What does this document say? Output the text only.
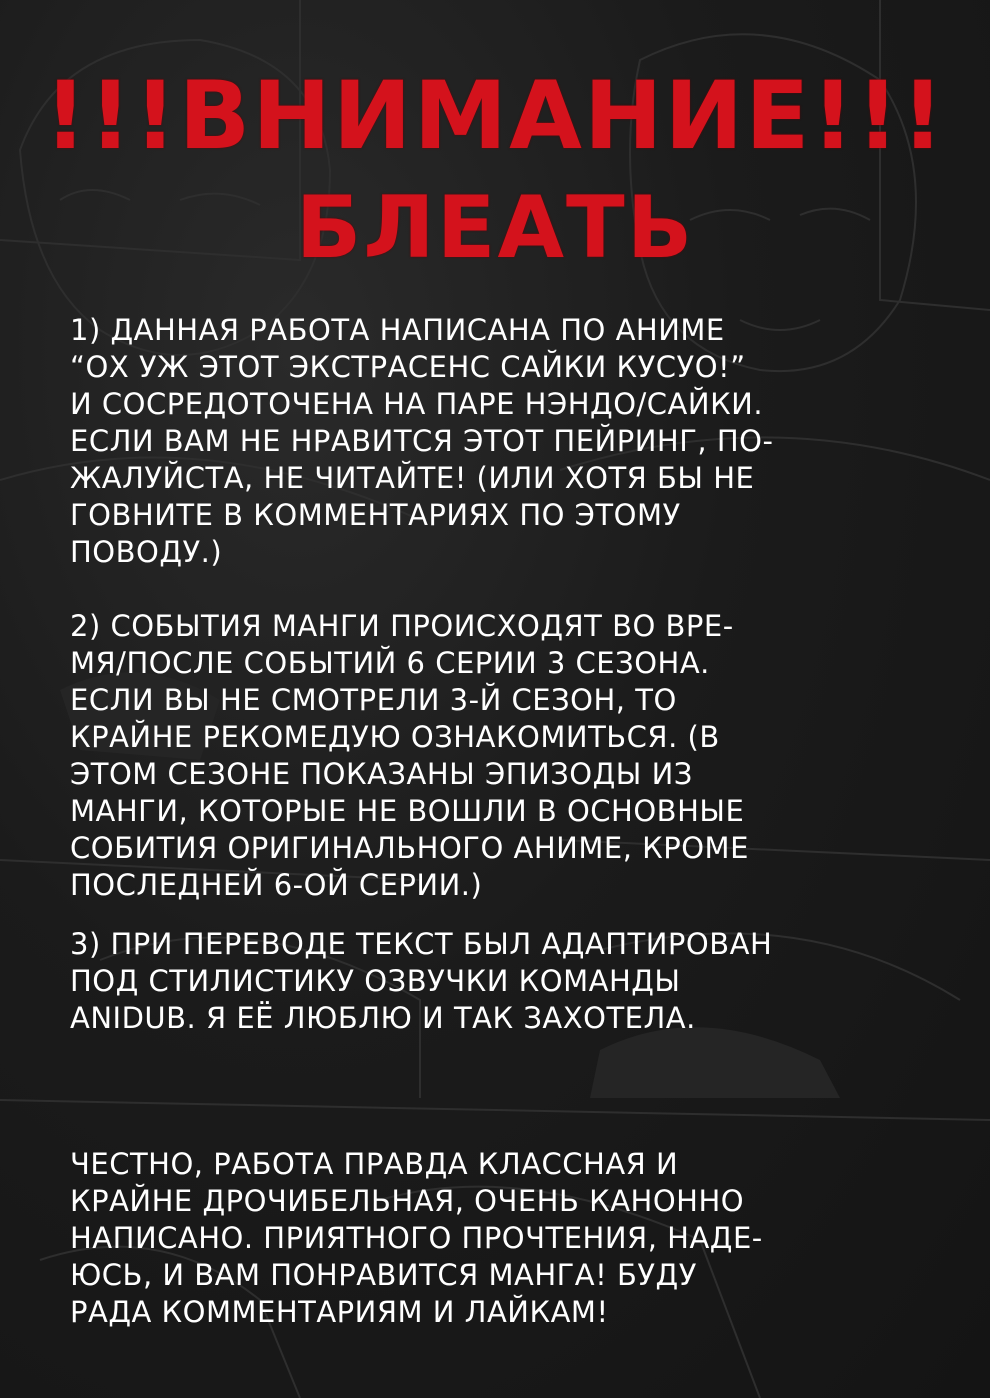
!!!ВНИМАНИЕ!!!
БЛЕАТЬ
1) ДАННАЯ РАБОТА НАПИСАНА ПО АНИМЕ
“ОХ УЖ ЭТОТ ЭКСТРАСЕНС САЙКИ КУСУО!”
И СОСРЕДОТОЧЕНА НА ПАРЕ НЭНДО/САЙКИ.
ЕСЛИ ВАМ НЕ НРАВИТСЯ ЭТОТ ПЕЙРИНГ, ПО-
ЖАЛУЙСТА, НЕ ЧИТАЙТЕ! (ИЛИ ХОТЯ БЫ НЕ
ГОВНИТЕ В КОММЕНТАРИЯХ ПО ЭТОМУ
ПОВОДУ.)
2) СОБЫТИЯ МАНГИ ПРОИСХОДЯТ ВО ВРЕ-
МЯ/ПОСЛЕ СОБЫТИЙ 6 СЕРИИ 3 СЕЗОНА.
ЕСЛИ ВЫ НЕ СМОТРЕЛИ 3-Й СЕЗОН, ТО
КРАЙНЕ РЕКОМЕДУЮ ОЗНАКОМИТЬСЯ. (В
ЭТОМ СЕЗОНЕ ПОКАЗАНЫ ЭПИЗОДЫ ИЗ
МАНГИ, КОТОРЫЕ НЕ ВОШЛИ В ОСНОВНЫЕ
СОБИТИЯ ОРИГИНАЛЬНОГО АНИМЕ, КРОМЕ
ПОСЛЕДНЕЙ 6-ОЙ СЕРИИ.)
3) ПРИ ПЕРЕВОДЕ ТЕКСТ БЫЛ АДАПТИРОВАН
ПОД СТИЛИСТИКУ ОЗВУЧКИ КОМАНДЫ
ANIDUB. Я ЕЁ ЛЮБЛЮ И ТАК ЗАХОТЕЛА.
ЧЕСТНО, РАБОТА ПРАВДА КЛАССНАЯ И
КРАЙНЕ ДРОЧИБЕЛЬНАЯ, ОЧЕНЬ КАНОННО
НАПИСАНО. ПРИЯТНОГО ПРОЧТЕНИЯ, НАДЕ-
ЮСЬ, И ВАМ ПОНРАВИТСЯ МАНГА! БУДУ
РАДА КОММЕНТАРИЯМ И ЛАЙКАМ!
